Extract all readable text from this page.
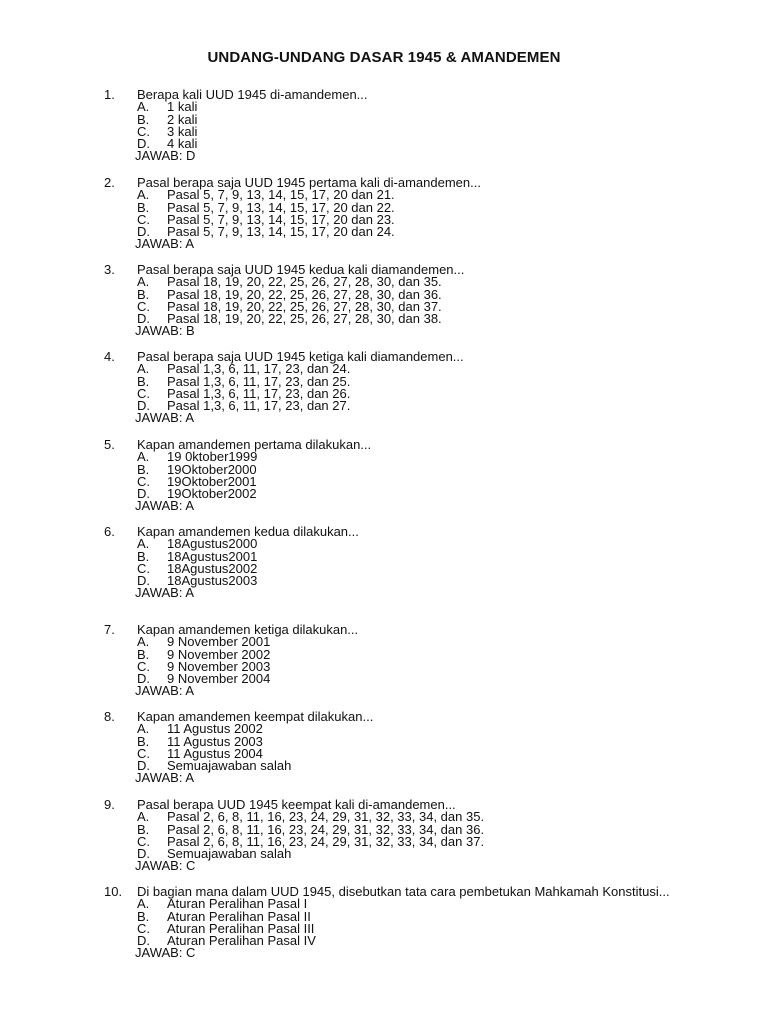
UNDANG-UNDANG DASAR 1945 & AMANDEMEN
1. Berapa kali UUD 1945 di-amandemen...
A. 1 kali
B. 2 kali
C. 3 kali
D. 4 kali
JAWAB: D
2. Pasal berapa saja UUD 1945 pertama kali di-amandemen...
A. Pasal 5, 7, 9, 13, 14, 15, 17, 20 dan 21.
B. Pasal 5, 7, 9, 13, 14, 15, 17, 20 dan 22.
C. Pasal 5, 7, 9, 13, 14, 15, 17, 20 dan 23.
D. Pasal 5, 7, 9, 13, 14, 15, 17, 20 dan 24.
JAWAB: A
3. Pasal berapa saja UUD 1945 kedua kali diamandemen...
A. Pasal 18, 19, 20, 22, 25, 26, 27, 28, 30, dan 35.
B. Pasal 18, 19, 20, 22, 25, 26, 27, 28, 30, dan 36.
C. Pasal 18, 19, 20, 22, 25, 26, 27, 28, 30, dan 37.
D. Pasal 18, 19, 20, 22, 25, 26, 27, 28, 30, dan 38.
JAWAB: B
4. Pasal berapa saja UUD 1945 ketiga kali diamandemen...
A. Pasal 1,3, 6, 11, 17, 23, dan 24.
B. Pasal 1,3, 6, 11, 17, 23, dan 25.
C. Pasal 1,3, 6, 11, 17, 23, dan 26.
D. Pasal 1,3, 6, 11, 17, 23, dan 27.
JAWAB: A
5. Kapan amandemen pertama dilakukan...
A. 19 0ktober1999
B. 19Oktober2000
C. 19Oktober2001
D. 19Oktober2002
JAWAB: A
6. Kapan amandemen kedua dilakukan...
A. 18Agustus2000
B. 18Agustus2001
C. 18Agustus2002
D. 18Agustus2003
JAWAB: A
7. Kapan amandemen ketiga dilakukan...
A. 9 November 2001
B. 9 November 2002
C. 9 November 2003
D. 9 November 2004
JAWAB: A
8. Kapan amandemen keempat dilakukan...
A. 11 Agustus 2002
B. 11 Agustus 2003
C. 11 Agustus 2004
D. Semuajawaban salah
JAWAB: A
9. Pasal berapa UUD 1945 keempat kali di-amandemen...
A. Pasal 2, 6, 8, 11, 16, 23, 24, 29, 31, 32, 33, 34, dan 35.
B. Pasal 2, 6, 8, 11, 16, 23, 24, 29, 31, 32, 33, 34, dan 36.
C. Pasal 2, 6, 8, 11, 16, 23, 24, 29, 31, 32, 33, 34, dan 37.
D. Semuajawaban salah
JAWAB: C
10. Di bagian mana dalam UUD 1945, disebutkan tata cara pembetukan Mahkamah Konstitusi...
A. Aturan Peralihan Pasal I
B. Aturan Peralihan Pasal II
C. Aturan Peralihan Pasal III
D. Aturan Peralihan Pasal IV
JAWAB: C
